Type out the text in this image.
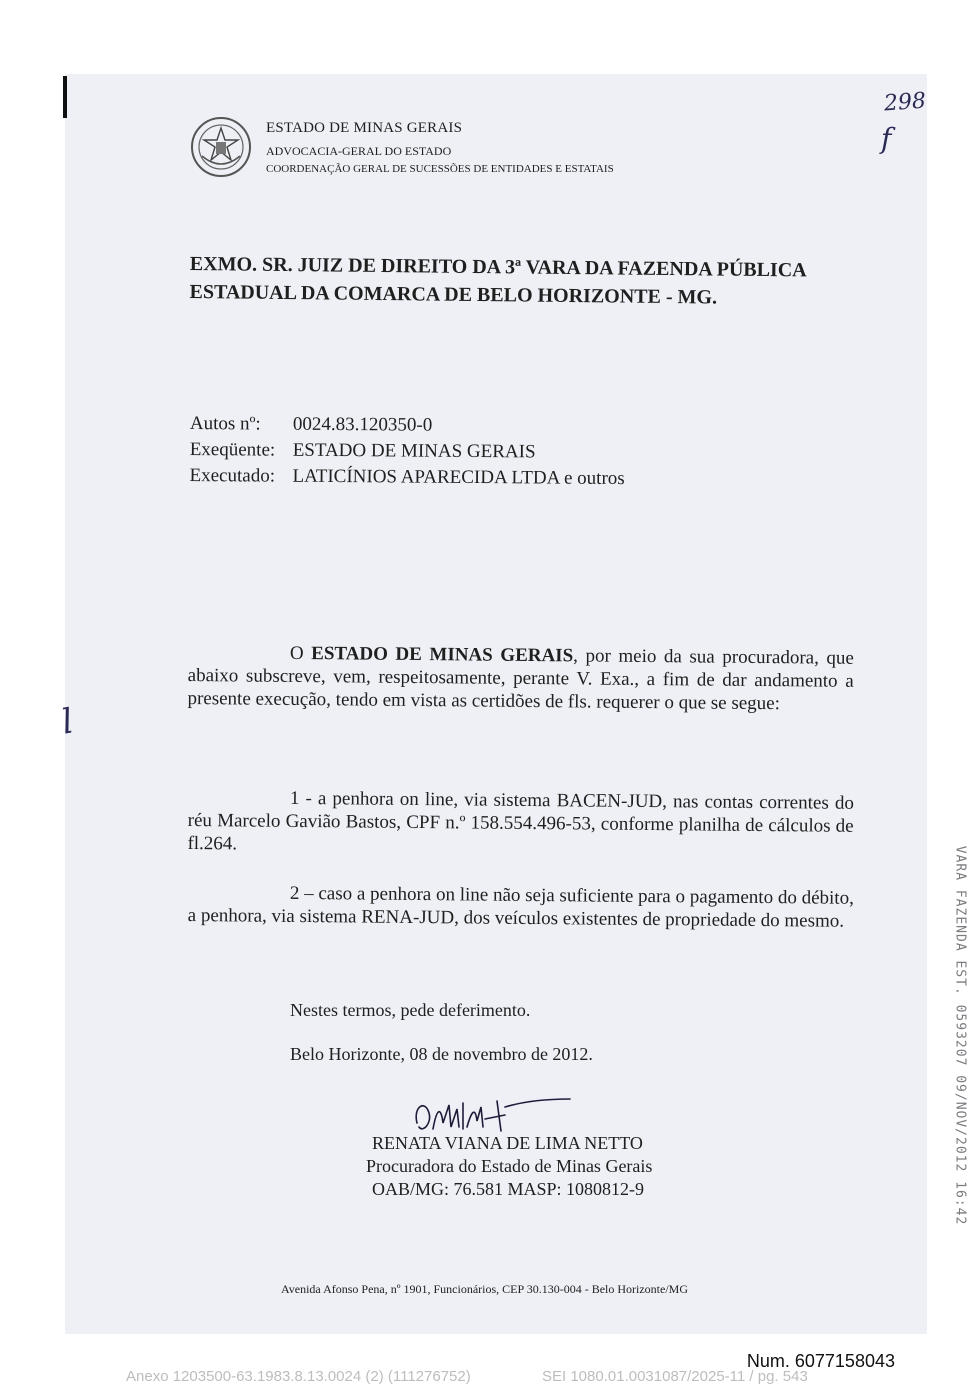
ESTADO DE MINAS GERAIS
ADVOCACIA-GERAL DO ESTADO
COORDENAÇÃO GERAL DE SUCESSÕES DE ENTIDADES E ESTATAIS
298
f
l
EXMO. SR. JUIZ DE DIREITO DA 3ª VARA DA FAZENDA PÚBLICA
ESTADUAL DA COMARCA DE BELO HORIZONTE - MG.
Autos nº:	0024.83.120350-0
Exeqüente: ESTADO DE MINAS GERAIS
Executado: LATICÍNIOS APARECIDA LTDA e outros
O ESTADO DE MINAS GERAIS, por meio da sua procuradora, que abaixo subscreve, vem, respeitosamente, perante V. Exa., a fim de dar andamento a presente execução, tendo em vista as certidões de fls. requerer o que se segue:
1 - a penhora on line, via sistema BACEN-JUD, nas contas correntes do réu Marcelo Gavião Bastos, CPF n.º 158.554.496-53, conforme planilha de cálculos de fl.264.
2 – caso a penhora on line não seja suficiente para o pagamento do débito, a penhora, via sistema RENA-JUD, dos veículos existentes de propriedade do mesmo.
Nestes termos, pede deferimento.
Belo Horizonte, 08 de novembro de 2012.
RENATA VIANA DE LIMA NETTO
Procuradora do Estado de Minas Gerais
OAB/MG: 76.581 MASP: 1080812-9
Avenida Afonso Pena, nº 1901, Funcionários, CEP 30.130-004 - Belo Horizonte/MG
VARA FAZENDA EST. 0593207 09/NOV/2012 16:42
Num. 6077158043
Anexo 1203500-63.1983.8.13.0024 (2) (111276752)	SEI 1080.01.0031087/2025-11 / pg. 543
